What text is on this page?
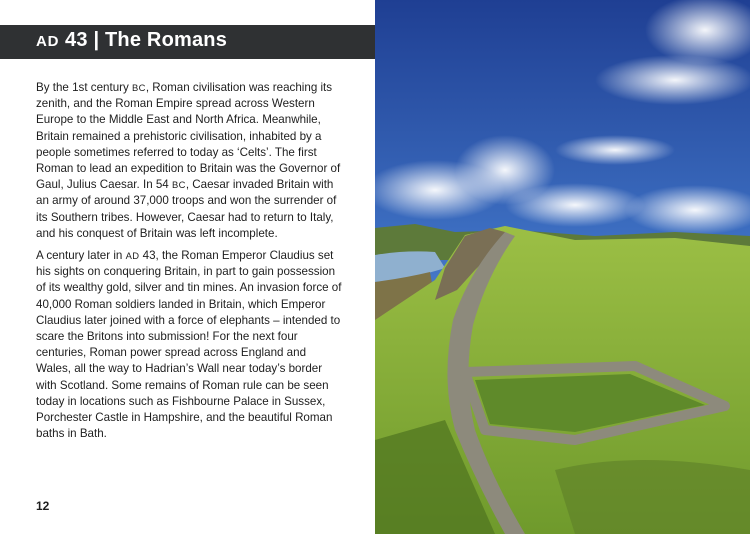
AD 43 | The Romans

By the 1st century BC, Roman civilisation was reaching its zenith, and the Roman Empire spread across Western Europe to the Middle East and North Africa. Meanwhile, Britain remained a prehistoric civilisation, inhabited by a people sometimes referred to today as ‘Celts’. The first Roman to lead an expedition to Britain was the Governor of Gaul, Julius Caesar. In 54 BC, Caesar invaded Britain with an army of around 37,000 troops and won the surrender of its Southern tribes. However, Caesar had to return to Italy, and his conquest of Britain was left incomplete.

A century later in AD 43, the Roman Emperor Claudius set his sights on conquering Britain, in part to gain possession of its wealthy gold, silver and tin mines. An invasion force of 40,000 Roman soldiers landed in Britain, which Emperor Claudius later joined with a force of elephants – intended to scare the Britons into submission! For the next four centuries, Roman power spread across England and Wales, all the way to Hadrian’s Wall near today’s border with Scotland. Some remains of Roman rule can be seen today in locations such as Fishbourne Palace in Sussex, Porchester Castle in Hampshire, and the beautiful Roman baths in Bath.

12
